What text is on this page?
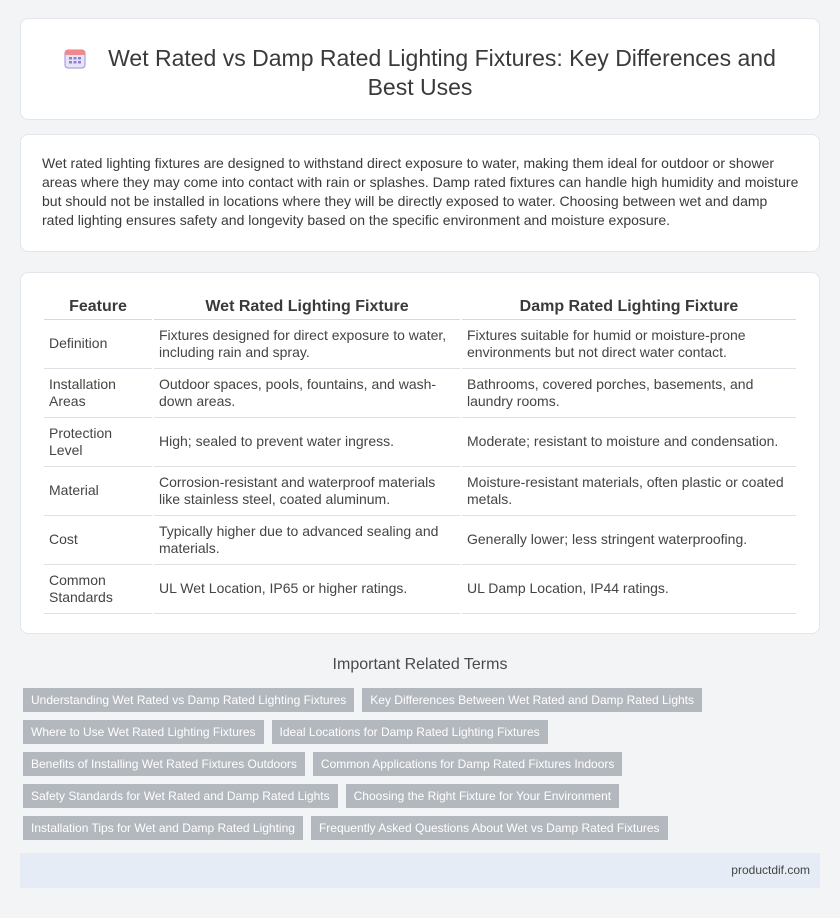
Wet Rated vs Damp Rated Lighting Fixtures: Key Differences and Best Uses

Wet rated lighting fixtures are designed to withstand direct exposure to water, making them ideal for outdoor or shower areas where they may come into contact with rain or splashes. Damp rated fixtures can handle high humidity and moisture but should not be installed in locations where they will be directly exposed to water. Choosing between wet and damp rated lighting ensures safety and longevity based on the specific environment and moisture exposure.

Feature	Wet Rated Lighting Fixture	Damp Rated Lighting Fixture
Definition	Fixtures designed for direct exposure to water, including rain and spray.	Fixtures suitable for humid or moisture-prone environments but not direct water contact.
Installation Areas	Outdoor spaces, pools, fountains, and wash-down areas.	Bathrooms, covered porches, basements, and laundry rooms.
Protection Level	High; sealed to prevent water ingress.	Moderate; resistant to moisture and condensation.
Material	Corrosion-resistant and waterproof materials like stainless steel, coated aluminum.	Moisture-resistant materials, often plastic or coated metals.
Cost	Typically higher due to advanced sealing and materials.	Generally lower; less stringent waterproofing.
Common Standards	UL Wet Location, IP65 or higher ratings.	UL Damp Location, IP44 ratings.
Important Related Terms
Understanding Wet Rated vs Damp Rated Lighting Fixtures	Key Differences Between Wet Rated and Damp Rated Lights
Where to Use Wet Rated Lighting Fixtures	Ideal Locations for Damp Rated Lighting Fixtures
Benefits of Installing Wet Rated Fixtures Outdoors	Common Applications for Damp Rated Fixtures Indoors
Safety Standards for Wet Rated and Damp Rated Lights	Choosing the Right Fixture for Your Environment
Installation Tips for Wet and Damp Rated Lighting	Frequently Asked Questions About Wet vs Damp Rated Fixtures
productdif.com
